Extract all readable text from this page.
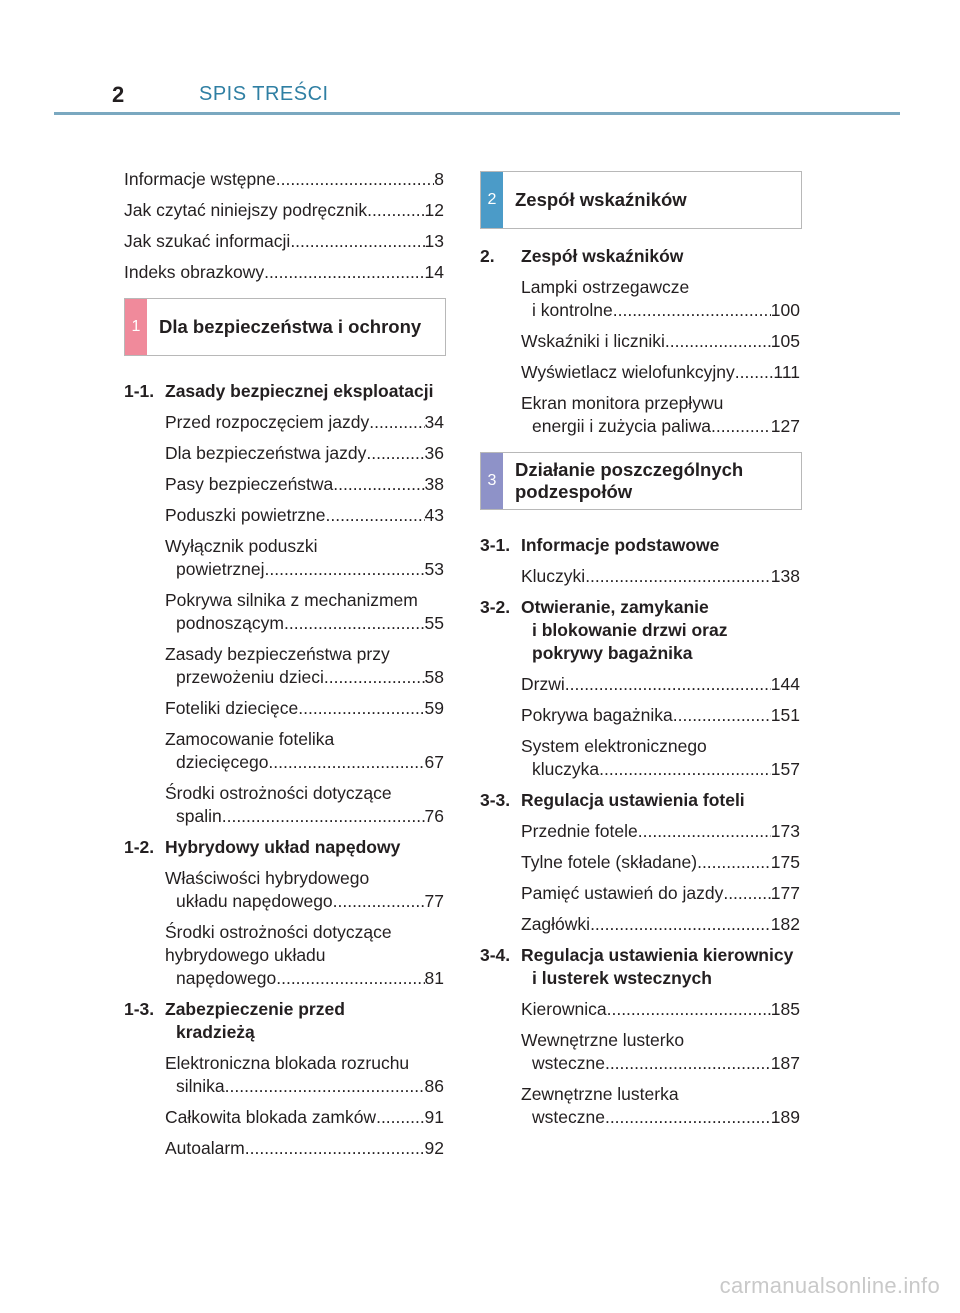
2	SPIS TREŚCI
Informacje wstępne .....	8
Jak czytać niniejszy podręcznik .....	12
Jak szukać informacji .....	13
Indeks obrazkowy .....	14
1	Dla bezpieczeństwa i ochrony
1-1. Zasady bezpiecznej eksploatacji
Przed rozpoczęciem jazdy .....	34
Dla bezpieczeństwa jazdy .....	36
Pasy bezpieczeństwa .....	38
Poduszki powietrzne .....	43
Wyłącznik poduszki
powietrznej .....	53
Pokrywa silnika z mechanizmem
podnoszącym .....	55
Zasady bezpieczeństwa przy
przewożeniu dzieci .....	58
Foteliki dziecięce .....	59
Zamocowanie fotelika
dziecięcego .....	67
Środki ostrożności dotyczące
spalin .....	76
1-2. Hybrydowy układ napędowy
Właściwości hybrydowego
układu napędowego .....	77
Środki ostrożności dotyczące
hybrydowego układu
napędowego .....	81
1-3. Zabezpieczenie przed
kradzieżą
Elektroniczna blokada rozruchu
silnika .....	86
Całkowita blokada zamków .....	91
Autoalarm .....	92
2	Zespół wskaźników
2.	Zespół wskaźników
Lampki ostrzegawcze
i kontrolne .....	100
Wskaźniki i liczniki .....	105
Wyświetlacz wielofunkcyjny ..... 111
Ekran monitora przepływu
energii i zużycia paliwa .....	127
3
Działanie poszczególnych
podzespołów
3-1. Informacje podstawowe
Kluczyki .....	138
3-2. Otwieranie, zamykanie
i blokowanie drzwi oraz
pokrywy bagażnika
Drzwi .....	144
Pokrywa bagażnika .....	151
System elektronicznego
kluczyka .....	157
3-3. Regulacja ustawienia foteli
Przednie fotele .....	173
Tylne fotele (składane) .....	175
Pamięć ustawień do jazdy .....	177
Zagłówki .....	182
3-4. Regulacja ustawienia kierownicy
i lusterek wstecznych
Kierownica .....	185
Wewnętrzne lusterko
wsteczne .....	187
Zewnętrzne lusterka
wsteczne .....	189
carmanualsonline.info
